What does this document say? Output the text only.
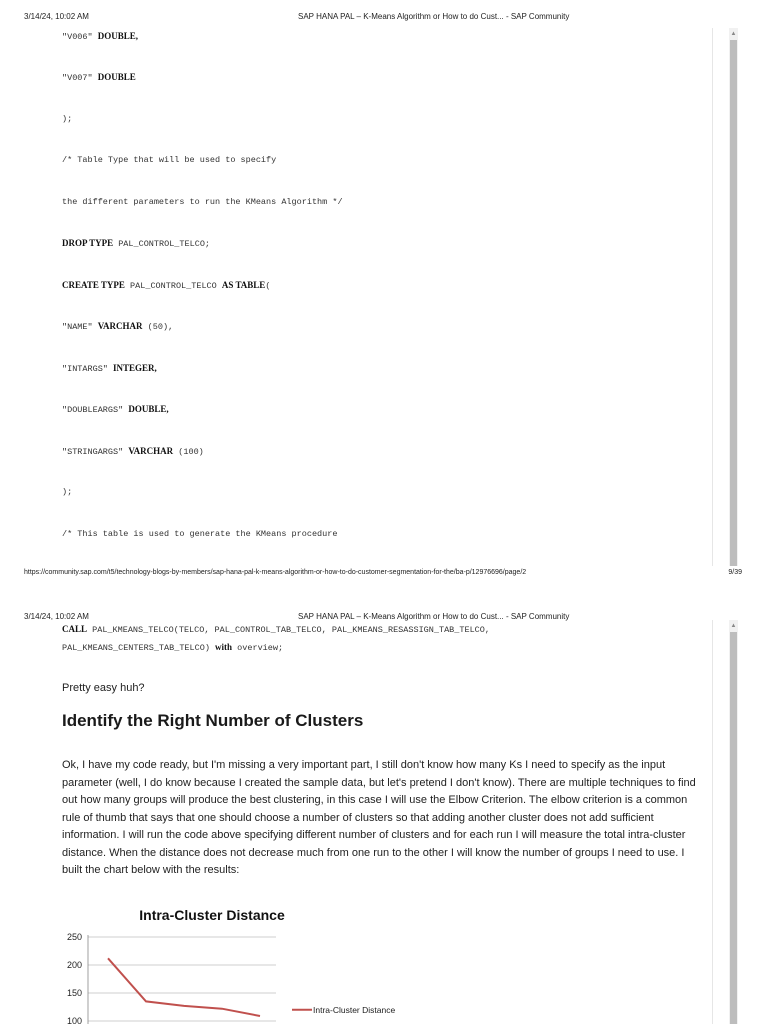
3/14/24, 10:02 AM	SAP HANA PAL – K-Means Algorithm or How to do Cust... - SAP Community
▲
"V006" DOUBLE,
"V007" DOUBLE
);
/* Table Type that will be used to specify
the different parameters to run the KMeans Algorithm */
DROP TYPE PAL_CONTROL_TELCO;
CREATE TYPE PAL_CONTROL_TELCO AS TABLE(
"NAME" VARCHAR (50),
"INTARGS" INTEGER,
"DOUBLEARGS" DOUBLE,
"STRINGARGS" VARCHAR (100)
);
/* This table is used to generate the KMeans procedure
https://community.sap.com/t5/technology-blogs-by-members/sap-hana-pal-k-means-algorithm-or-how-to-do-customer-segmentation-for-the/ba-p/12976696/page/2	9/39
3/14/24, 10:02 AM	SAP HANA PAL – K-Means Algorithm or How to do Cust... - SAP Community
▲
CALL PAL_KMEANS_TELCO(TELCO, PAL_CONTROL_TAB_TELCO, PAL_KMEANS_RESASSIGN_TAB_TELCO,
PAL_KMEANS_CENTERS_TAB_TELCO) with overview;
Pretty easy huh?
Identify the Right Number of Clusters
Ok, I have my code ready, but I'm missing a very important part, I still don't know how many Ks I need to specify as the input parameter (well, I do know because I created the sample data, but let's pretend I don't know). There are multiple techniques to find out how many groups will produce the best clustering, in this case I will use the Elbow Criterion. The elbow criterion is a common rule of thumb that says that one should choose a number of clusters so that adding another cluster does not add sufficient information. I will run the code above specifying different number of clusters and for each run I will measure the total intra-cluster distance. When the distance does not decrease much from one run to the other I will know the number of groups I need to use. I built the chart below with the results:
Intra-Cluster Distance
250
200
150
100
Intra-Cluster Distance
